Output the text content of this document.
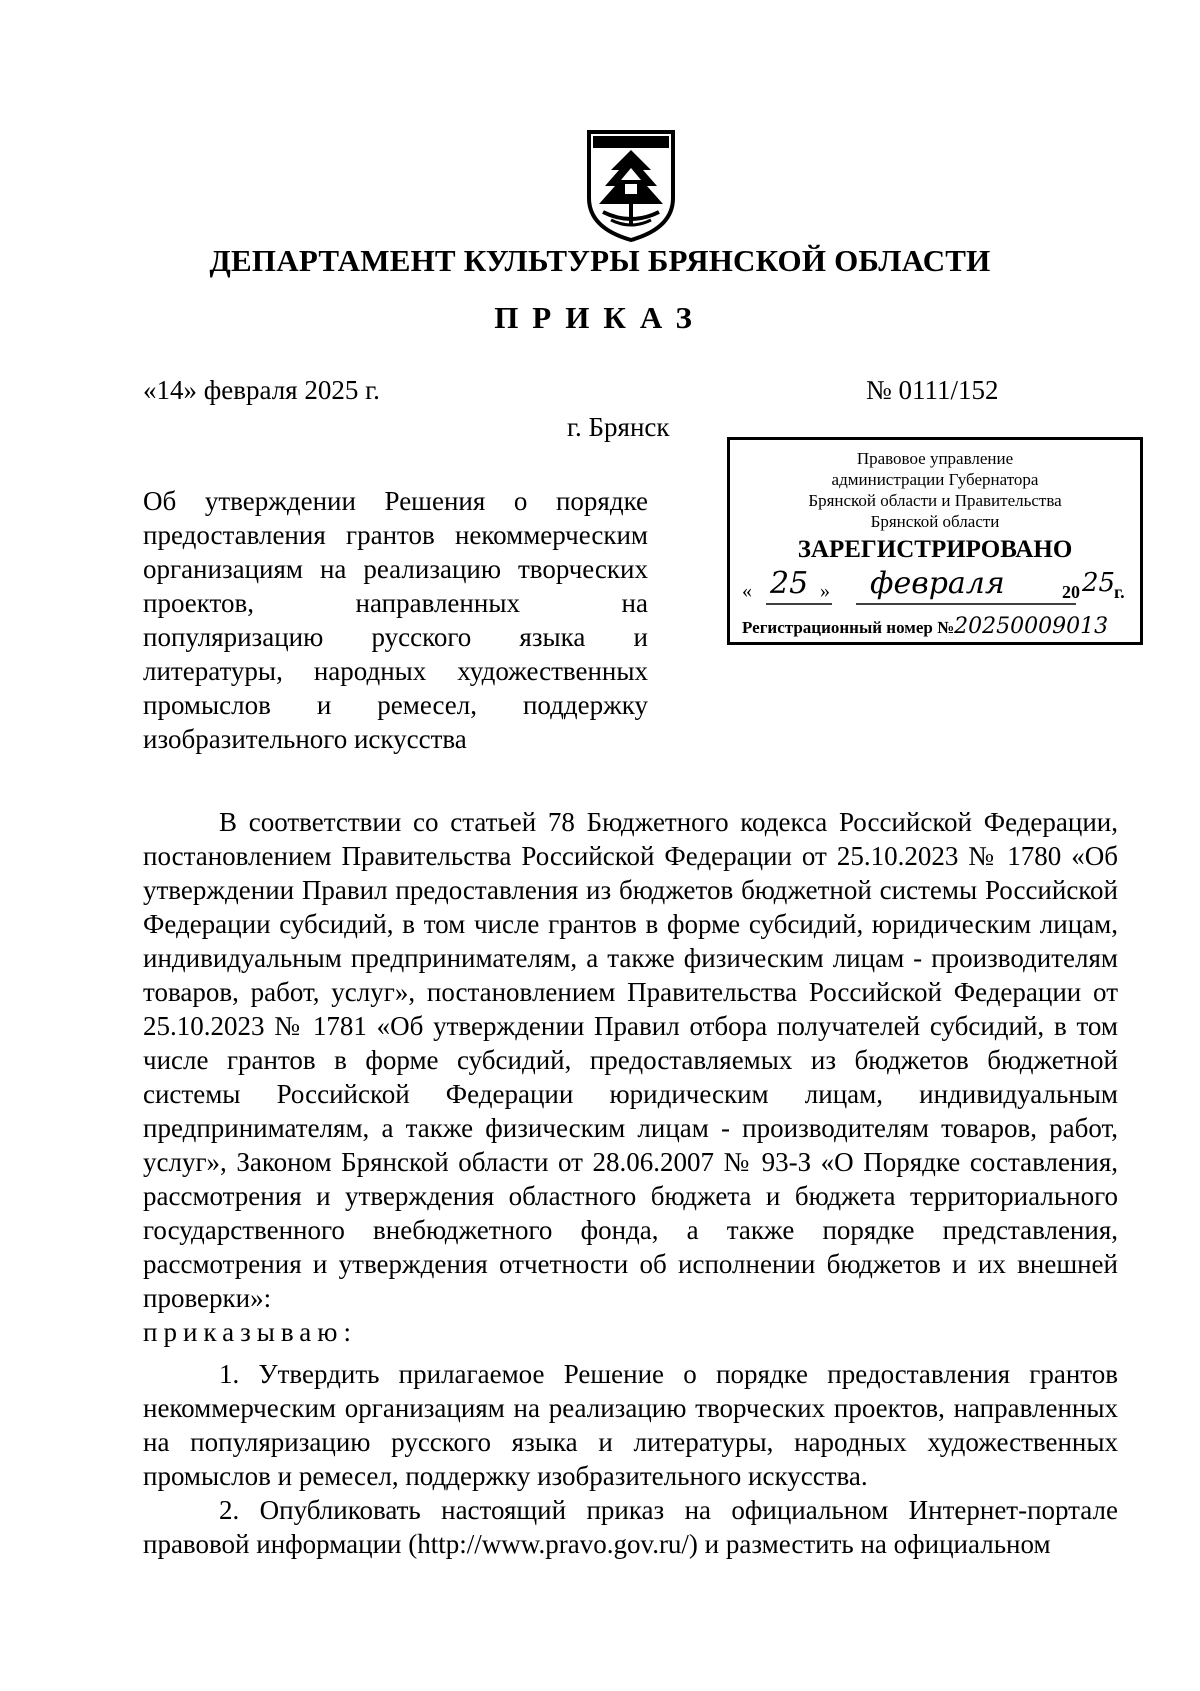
ДЕПАРТАМЕНТ КУЛЬТУРЫ БРЯНСКОЙ ОБЛАСТИ
ПРИКАЗ
«14» февраля 2025 г.	№ 0111/152
г. Брянск
Об утверждении Решения о порядке
предоставления грантов некоммерческим
организациям на реализацию творческих
проектов, направленных на
популяризацию русского языка и
литературы, народных художественных
промыслов и ремесел, поддержку
изобразительного искусства
Правовое управление
администрации Губернатора
Брянской области и Правительства
Брянской области
ЗАРЕГИСТРИРОВАНО
« 25 » февраля	20 25
г.
Регистрационный номер №20250009013

В соответствии со статьей 78 Бюджетного кодекса Российской Федерации, постановлением Правительства Российской Федерации от 25.10.2023 № 1780 «Об утверждении Правил предоставления из бюджетов бюджетной системы Российской Федерации субсидий, в том числе грантов в форме субсидий, юридическим лицам, индивидуальным предпринимателям, а также физическим лицам - производителям товаров, работ, услуг», постановлением Правительства Российской Федерации от 25.10.2023 № 1781 «Об утверждении Правил отбора получателей субсидий, в том числе грантов в форме субсидий, предоставляемых из бюджетов бюджетной системы Российской Федерации юридическим лицам, индивидуальным предпринимателям, а также физическим лицам - производителям товаров, работ, услуг», Законом Брянской области от 28.06.2007 № 93-З «О Порядке составления, рассмотрения и утверждения областного бюджета и бюджета территориального государственного внебюджетного фонда, а также порядке представления, рассмотрения и утверждения отчетности об исполнении бюджетов и их внешней проверки»:

приказываю:

1. Утвердить прилагаемое Решение о порядке предоставления грантов некоммерческим организациям на реализацию творческих проектов, направленных на популяризацию русского языка и литературы, народных художественных промыслов и ремесел, поддержку изобразительного искусства.

2. Опубликовать настоящий приказ на официальном Интернет-портале правовой информации (http://www.pravo.gov.ru/) и разместить на официальном
